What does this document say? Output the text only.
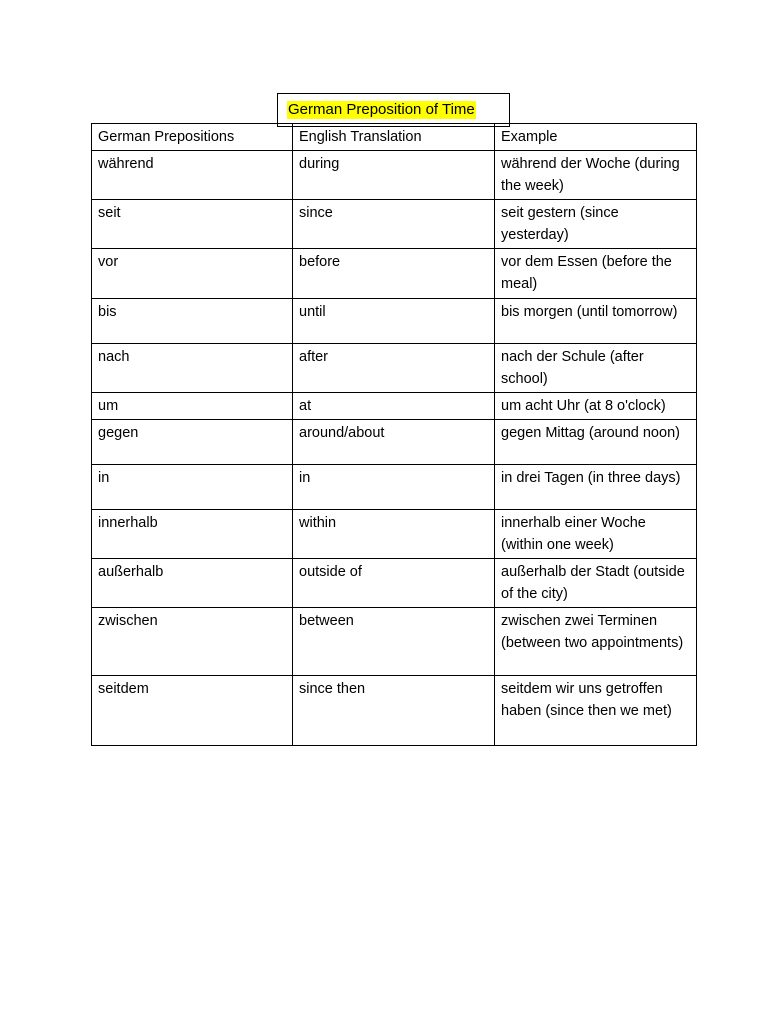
German Preposition of Time
German Prepositions	English Translation	Example
während	during	während der Woche (during the week)
seit	since	seit gestern (since yesterday)
vor	before	vor dem Essen (before the meal)
bis	until	bis morgen (until tomorrow)
nach	after	nach der Schule (after school)
um	at	um acht Uhr (at 8 o'clock)
gegen	around/about	gegen Mittag (around noon)
in	in	in drei Tagen (in three days)
innerhalb	within	innerhalb einer Woche (within one week)
außerhalb	outside of	außerhalb der Stadt (outside of the city)
zwischen	between	zwischen zwei Terminen (between two appointments)
seitdem	since then	seitdem wir uns getroffen haben (since then we met)
